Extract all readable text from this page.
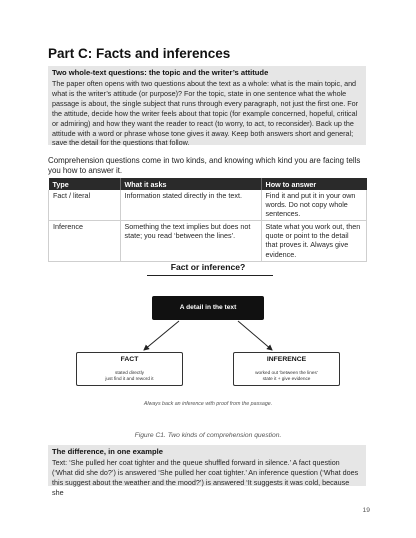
Part C: Facts and inferences
Two whole-text questions: the topic and the writer’s attitude
The paper often opens with two questions about the text as a whole: what is the main topic, and what is the writer’s attitude (or purpose)? For the topic, state in one sentence what the whole passage is about, the single subject that runs through every paragraph, not just the first one. For the attitude, decide how the writer feels about that topic (for example concerned, hopeful, critical or admiring) and how they want the reader to react (to worry, to act, to reconsider). Back up the attitude with a word or phrase whose tone gives it away. Keep both answers short and general; save the detail for the questions that follow.
Comprehension questions come in two kinds, and knowing which kind you are facing tells you how to answer it.
Type	What it asks	How to answer
Fact / literal	Information stated directly in the text.	Find it and put it in your own words. Do not copy whole sentences.
Inference	Something the text implies but does not state; you read ‘between the lines’.	State what you work out, then quote or point to the detail that proves it. Always give evidence.
Fact or inference?
A detail in the text
FACT
stated directly
just find it and reword it
INFERENCE
worked out ‘between the lines’
state it + give evidence
Always back an inference with proof from the passage.
Figure C1. Two kinds of comprehension question.
The difference, in one example
Text: ‘She pulled her coat tighter and the queue shuffled forward in silence.’ A fact question (‘What did she do?’) is answered ‘She pulled her coat tighter.’ An inference question (‘What does this suggest about the weather and the mood?’) is answered ‘It suggests it was cold, because she
19
